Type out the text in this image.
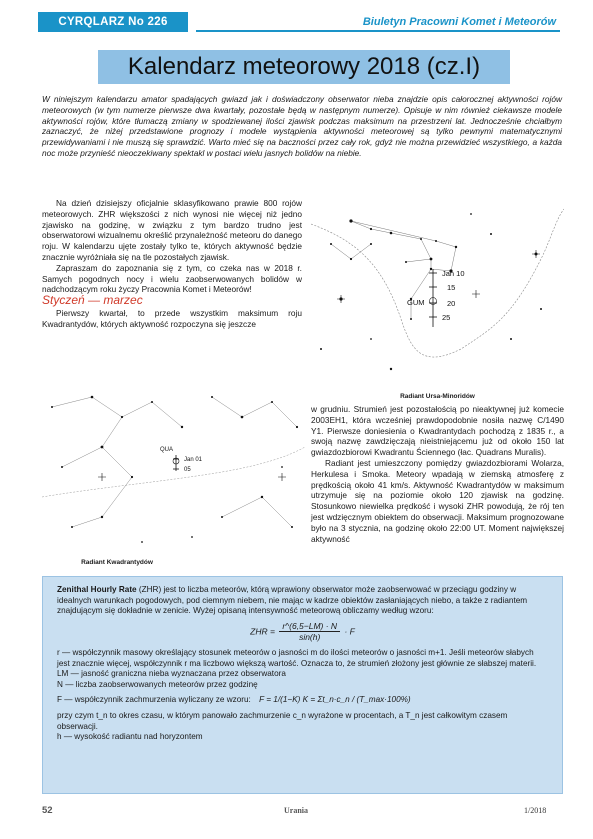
CYRQLARZ No 226	Biuletyn Pracowni Komet i Meteorów
Kalendarz meteorowy 2018 (cz.I)
W niniejszym kalendarzu amator spadających gwiazd jak i doświadczony obserwator nieba znajdzie opis całorocznej aktywności rojów meteorowych (w tym numerze pierwsze dwa kwartały, pozostałe będą w następnym numerze). Opisuje w nim również ciekawsze modele aktywności rojów, które tłumaczą zmiany w spodziewanej ilości zjawisk podczas maksimum na przestrzeni lat. Jednocześnie chciałbym zaznaczyć, że niżej przedstawione prognozy i modele wystąpienia aktywności meteorowej są tylko pewnymi matematycznymi przewidywaniami i nie muszą się sprawdzić. Warto mieć się na baczności przez cały rok, gdyż nie można przewidzieć wszystkiego, a każda noc może przynieść nieoczekiwany spektakl w postaci wielu jasnych bolidów na niebie.

Na dzień dzisiejszy oficjalnie sklasyfikowano prawie 800 rojów meteorowych. ZHR większości z nich wynosi nie więcej niż jedno zjawisko na godzinę, w związku z tym bardzo trudno jest obserwatorowi wizualnemu określić przynależność meteoru do danego roju. W kalendarzu ujęte zostały tylko te, których aktywność będzie znacznie wyróżniała się na tle pozostałych zjawisk.

Zapraszam do zapoznania się z tym, co czeka nas w 2018 r. Samych pogodnych nocy i wielu zaobserwowanych bolidów w nadchodzącym roku życzy Pracownia Komet i Meteorów!

Styczeń — marzec

Pierwszy kwartał, to przede wszystkim maksimum roju Kwadrantydów, których aktywność rozpoczyna się jeszcze

Jan 10
15
20
25
GUM
Radiant Ursa-Minoridów
QUA
Jan 01
05
Radiant Kwadrantydów

w grudniu. Strumień jest pozostałością po nieaktywnej już komecie 2003EH1, która wcześniej prawdopodobnie nosiła nazwę C/1490 Y1. Pierwsze doniesienia o Kwadrantydach pochodzą z 1835 r., a swoją nazwę zawdzięczają nieistniejącemu już od około 150 lat gwiazdozbiorowi Kwadrantu Ściennego (łac. Quadrans Muralis).

Radiant jest umieszczony pomiędzy gwiazdozbiorami Wolarza, Herkulesa i Smoka. Meteory wpadają w ziemską atmosferę z prędkością około 41 km/s. Aktywność Kwadrantydów w maksimum utrzymuje się na poziomie około 120 zjawisk na godzinę. Stosunkowo niewielka prędkość i wysoki ZHR powodują, że rój ten jest wdzięcznym obiektem do obserwacji. Maksimum prognozowane było na 3 stycznia, na godzinę około 22:00 UT. Moment największej aktywność

Zenithal Hourly Rate (ZHR) jest to liczba meteorów, którą wprawiony obserwator może zaobserwować w przeciągu godziny w idealnych warunkach pogodowych, pod ciemnym niebem, nie mając w kadrze obiektów zasłaniających niebo, a także z radiantem znajdującym się dokładnie w zenicie. Wyżej opisaną intensywność meteorową obliczamy według wzoru:

ZHR = $\frac{r\^{}(6,5-LM) \cdot N}{\sin(h)} \cdot F$

r — współczynnik masowy określający stosunek meteorów o jasności m do ilości meteorów o jasności m+1. Jeśli meteorów słabych jest znacznie więcej, współczynnik r ma liczbowo większą wartość. Oznacza to, że strumień złożony jest głównie ze słabszej materii.

LM — jasność graniczna nieba wyznaczana przez obserwatora

N — liczba zaobserwowanych meteorów przez godzinę

F — współczynnik zachmurzenia wyliczany ze wzoru: F = 1/(1−K) K = Σt_n·c_n / (T_max·100%)

przy czym t_n to okres czasu, w którym panowało zachmurzenie c_n wyrażone w procentach, a T_n jest całkowitym czasem obserwacji.

h — wysokość radiantu nad horyzontem

52	Urania	1/2018
